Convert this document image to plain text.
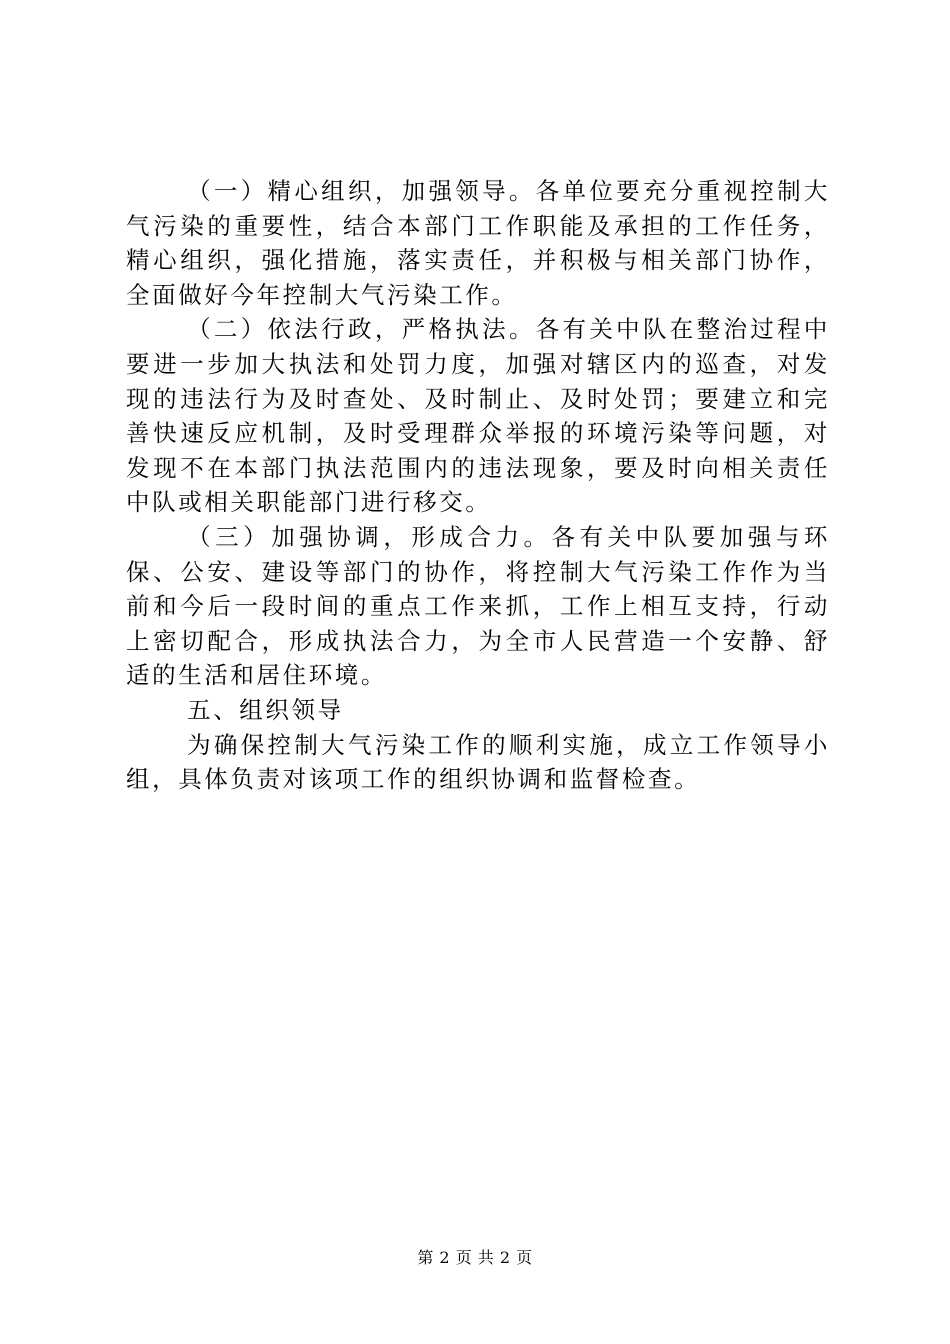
（一）精心组织，加强领导。各单位要充分重视控制大气污染的重要性，结合本部门工作职能及承担的工作任务，精心组织，强化措施，落实责任，并积极与相关部门协作，全面做好今年控制大气污染工作。

（二）依法行政，严格执法。各有关中队在整治过程中要进一步加大执法和处罚力度，加强对辖区内的巡查，对发现的违法行为及时查处、及时制止、及时处罚；要建立和完善快速反应机制，及时受理群众举报的环境污染等问题，对发现不在本部门执法范围内的违法现象，要及时向相关责任中队或相关职能部门进行移交。

（三）加强协调，形成合力。各有关中队要加强与环保、公安、建设等部门的协作，将控制大气污染工作作为当前和今后一段时间的重点工作来抓，工作上相互支持，行动上密切配合，形成执法合力，为全市人民营造一个安静、舒适的生活和居住环境。

五、组织领导

为确保控制大气污染工作的顺利实施，成立工作领导小组，具体负责对该项工作的组织协调和监督检查。

第 2 页 共 2 页
